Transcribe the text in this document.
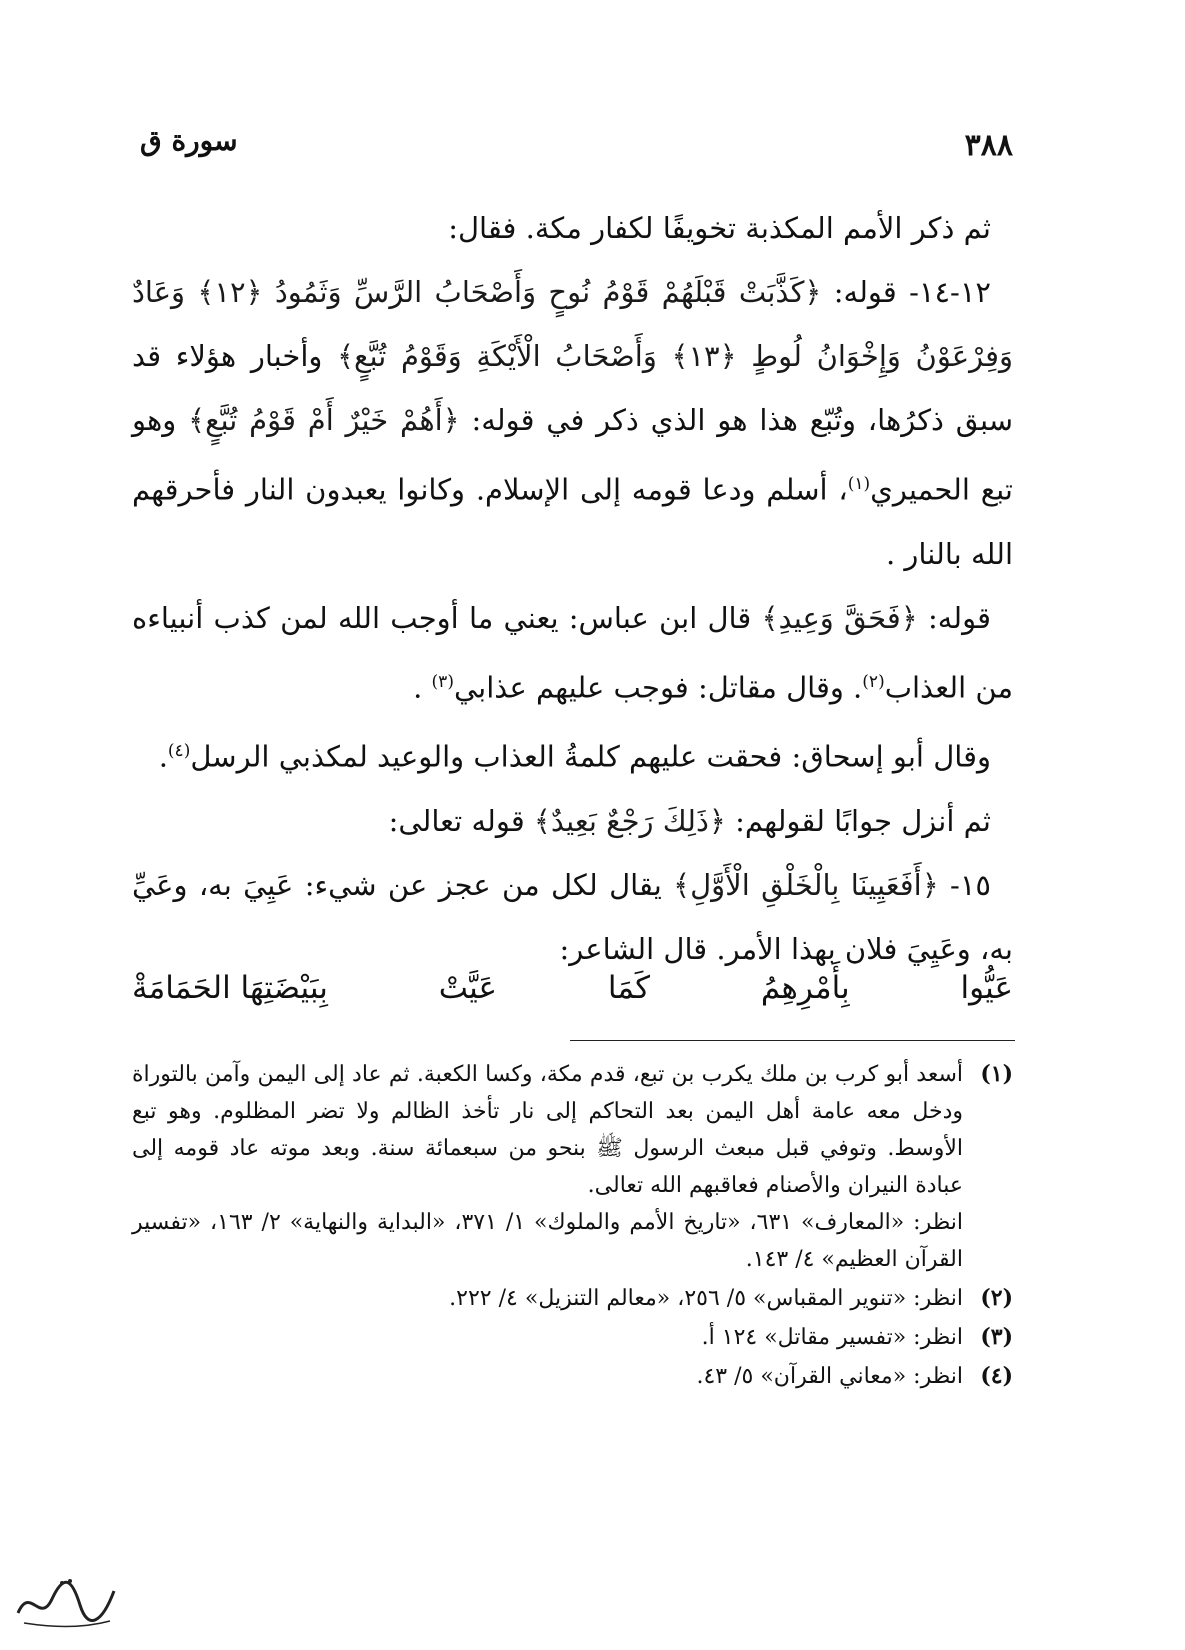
٣٨٨
سورة ق

ثم ذكر الأمم المكذبة تخويفًا لكفار مكة. فقال:

١٢-١٤- قوله: ﴿كَذَّبَتْ قَبْلَهُمْ قَوْمُ نُوحٍ وَأَصْحَابُ الرَّسِّ وَثَمُودُ ﴿١٢﴾ وَعَادٌ وَفِرْعَوْنُ وَإِخْوَانُ لُوطٍ ﴿١٣﴾ وَأَصْحَابُ الْأَيْكَةِ وَقَوْمُ تُبَّعٍ﴾ وأخبار هؤلاء قد سبق ذكرُها، وتُبّع هذا هو الذي ذكر في قوله: ﴿أَهُمْ خَيْرٌ أَمْ قَوْمُ تُبَّعٍ﴾ وهو تبع الحميري$^{(١)}$، أسلم ودعا قومه إلى الإسلام. وكانوا يعبدون النار فأحرقهم الله بالنار .

قوله: ﴿فَحَقَّ وَعِيدِ﴾ قال ابن عباس: يعني ما أوجب الله لمن كذب أنبياءه من العذاب$^{(٢)}$. وقال مقاتل: فوجب عليهم عذابي$^{(٣)}$ .

وقال أبو إسحاق: فحقت عليهم كلمةُ العذاب والوعيد لمكذبي الرسل$^{(٤)}$.

ثم أنزل جوابًا لقولهم: ﴿ذَلِكَ رَجْعٌ بَعِيدٌ﴾ قوله تعالى:

١٥- ﴿أَفَعَيِينَا بِالْخَلْقِ الْأَوَّلِ﴾ يقال لكل من عجز عن شيء: عَيِيَ به، وعَيِّ به، وعَيِيَ فلان بهذا الأمر. قال الشاعر:

عَيُّوا
بِأَمْرِهِمُ
كَمَا
عَيَّتْ
بِبَيْضَتِهَا الحَمَامَةْ
(١)
أسعد أبو كرب بن ملك يكرب بن تبع، قدم مكة، وكسا الكعبة. ثم عاد إلى اليمن وآمن بالتوراة ودخل معه عامة أهل اليمن بعد التحاكم إلى نار تأخذ الظالم ولا تضر المظلوم. وهو تبع الأوسط. وتوفي قبل مبعث الرسول ﷺ بنحو من سبعمائة سنة. وبعد موته عاد قومه إلى عبادة النيران والأصنام فعاقبهم الله تعالى.
انظر: «المعارف» ٦٣١، «تاريخ الأمم والملوك» ١/ ٣٧١، «البداية والنهاية» ٢/ ١٦٣، «تفسير القرآن العظيم» ٤/ ١٤٣.
(٢)
انظر: «تنوير المقباس» ٥/ ٢٥٦، «معالم التنزيل» ٤/ ٢٢٢.
(٣)
انظر: «تفسير مقاتل» ١٢٤ أ.
(٤)
انظر: «معاني القرآن» ٥/ ٤٣.
